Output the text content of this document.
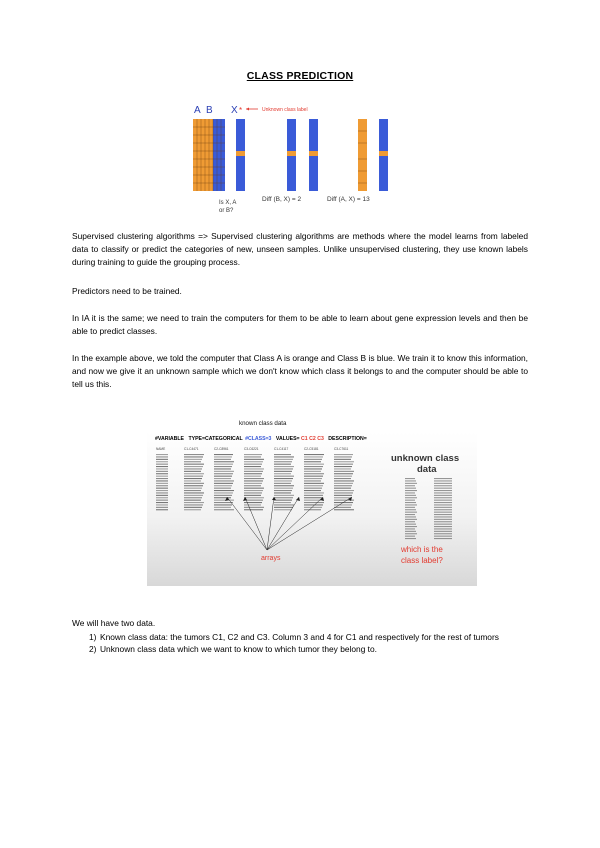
CLASS PREDICTION
A B X *	Unknown class label
Is X, A
or B?
Diff (B, X) = 2	Diff (A, X) = 13

Supervised clustering algorithms => Supervised clustering algorithms are methods where the model learns from labeled data to classify or predict the categories of new, unseen samples. Unlike unsupervised clustering, they use known labels during training to guide the grouping process.

Predictors need to be trained.

In IA it is the same; we need to train the computers for them to be able to learn about gene expression levels and then be able to predict classes.

In the example above, we told the computer that Class A is orange and Class B is blue. We train it to know this information, and now we give it an unknown sample which we don't know which class it belongs to and the computer should be able to tell us this.

known class data
#VARIABLE TYPE=CATEGORICAL #CLASS=3 VALUES= C1 C2 C3 DESCRIPTION=
NAME	C1-C4471	C2-C8961	C3-C6221	C1-C4117	C2-C5181	C3-C7611
unknown class
data
arrays
which is the
class label?
We will have two data.
1) Known class data: the tumors C1, C2 and C3. Column 3 and 4 for C1 and respectively for the rest of tumors
2) Unknown class data which we want to know to which tumor they belong to.
